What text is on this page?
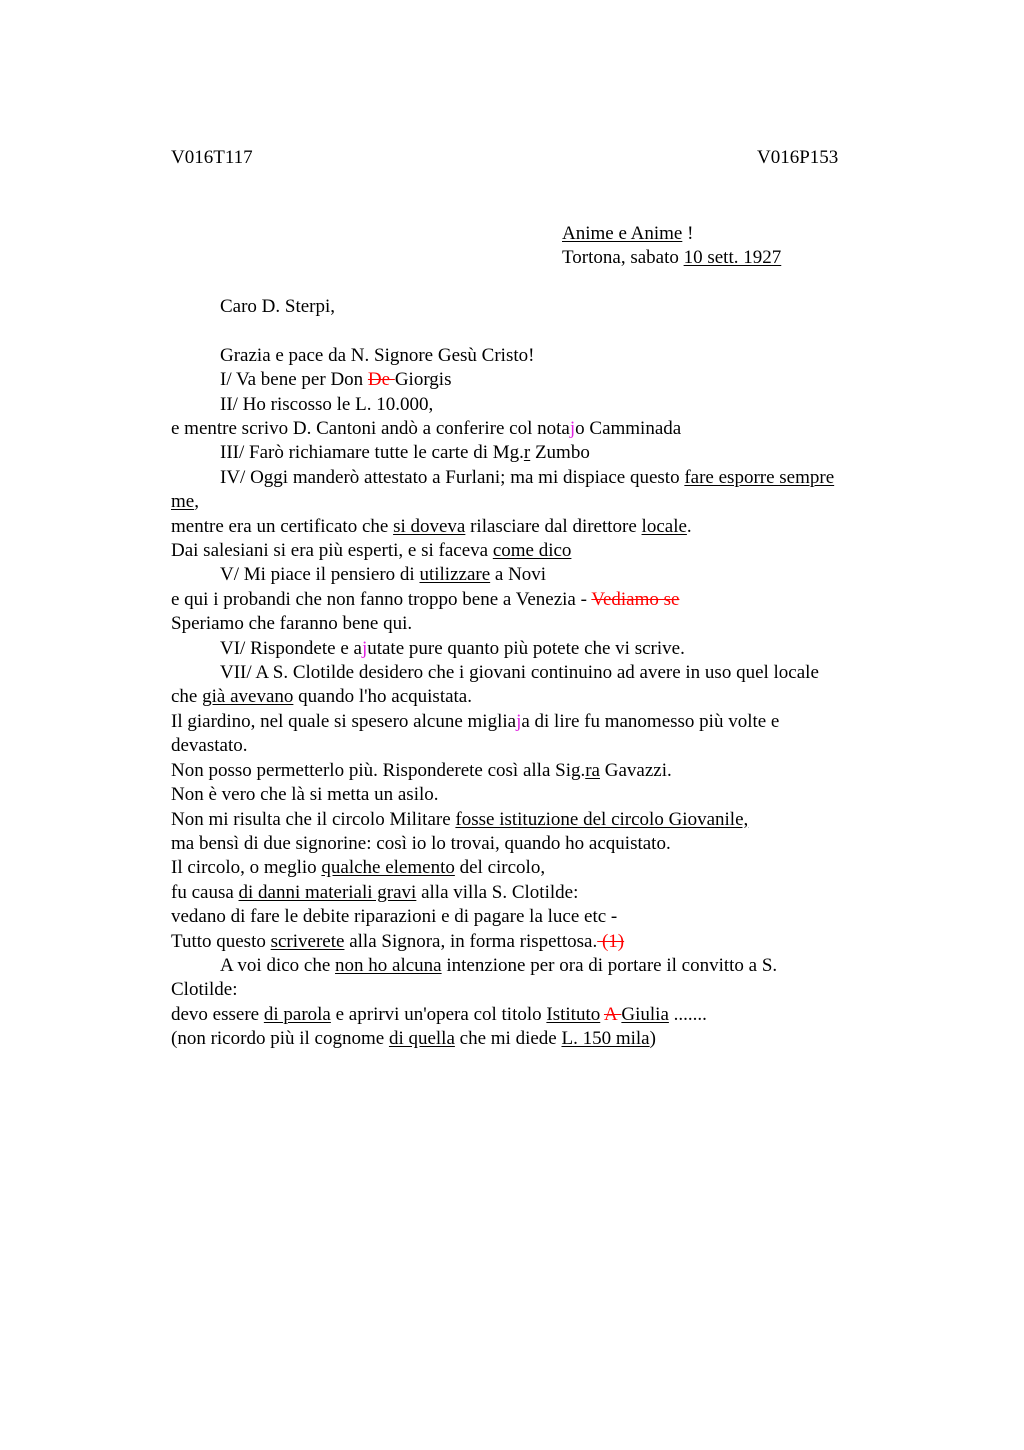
V016T117	V016P153
Anime e Anime !
Tortona, sabato 10 sett. 1927
Caro D. Sterpi,
Grazia e pace da N. Signore Gesù Cristo!
I/ Va bene per Don De Giorgis
II/ Ho riscosso le L. 10.000,
e mentre scrivo D. Cantoni andò a conferire col notajo Camminada
III/ Farò richiamare tutte le carte di Mg.r Zumbo
IV/ Oggi manderò attestato a Furlani; ma mi dispiace questo fare esporre sempre
me,
mentre era un certificato che si doveva rilasciare dal direttore locale.
Dai salesiani si era più esperti, e si faceva come dico
V/ Mi piace il pensiero di utilizzare a Novi
e qui i probandi che non fanno troppo bene a Venezia - Vediamo se
Speriamo che faranno bene qui.
VI/ Rispondete e ajutate pure quanto più potete che vi scrive.
VII/ A S. Clotilde desidero che i giovani continuino ad avere in uso quel locale
che già avevano quando l'ho acquistata.
Il giardino, nel quale si spesero alcune migliaja di lire fu manomesso più volte e
devastato.
Non posso permetterlo più. Risponderete così alla Sig.ra Gavazzi.
Non è vero che là si metta un asilo.
Non mi risulta che il circolo Militare fosse istituzione del circolo Giovanile,
ma bensì di due signorine: così io lo trovai, quando ho acquistato.
Il circolo, o meglio qualche elemento del circolo,
fu causa di danni materiali gravi alla villa S. Clotilde:
vedano di fare le debite riparazioni e di pagare la luce etc -
Tutto questo scriverete alla Signora, in forma rispettosa. (1)
A voi dico che non ho alcuna intenzione per ora di portare il convitto a S.
Clotilde:
devo essere di parola e aprirvi un'opera col titolo Istituto A Giulia .......
(non ricordo più il cognome di quella che mi diede L. 150 mila)
